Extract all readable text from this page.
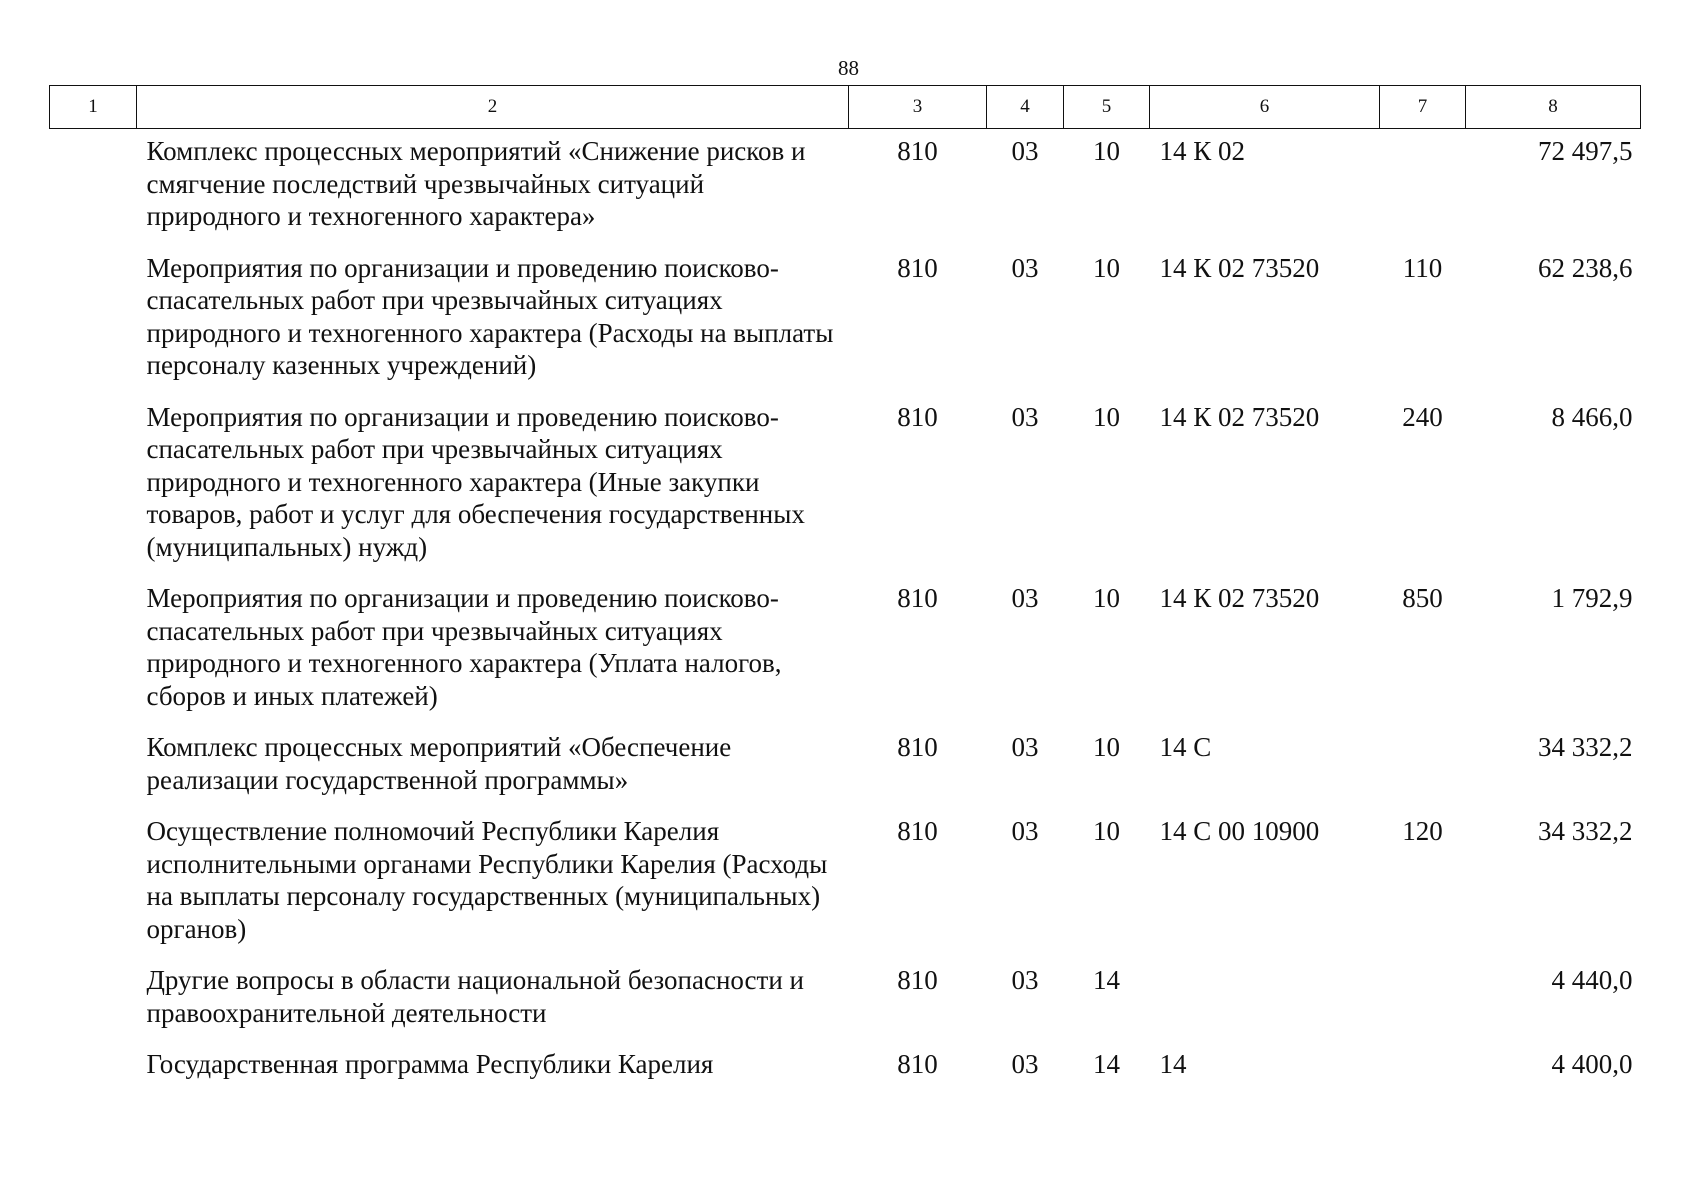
88
1	2	3	4	5	6	7	8
	Комплекс процессных мероприятий «Снижение рисков и смягчение последствий чрезвычайных ситуаций природного и техногенного характера»	810	03	10	14 К 02		72 497,5
	Мероприятия по организации и проведению поисково-спасательных работ при чрезвычайных ситуациях природного и техногенного характера (Расходы на выплаты персоналу казенных учреждений)	810	03	10	14 К 02 73520	110	62 238,6
	Мероприятия по организации и проведению поисково-спасательных работ при чрезвычайных ситуациях природного и техногенного характера (Иные закупки товаров, работ и услуг для обеспечения государственных (муниципальных) нужд)	810	03	10	14 К 02 73520	240	8 466,0
	Мероприятия по организации и проведению поисково-спасательных работ при чрезвычайных ситуациях природного и техногенного характера (Уплата налогов, сборов и иных платежей)	810	03	10	14 К 02 73520	850	1 792,9
	Комплекс процессных мероприятий «Обеспечение реализации государственной программы»	810	03	10	14 С		34 332,2
	Осуществление полномочий Республики Карелия исполнительными органами Республики Карелия (Расходы на выплаты персоналу государственных (муниципальных) органов)	810	03	10	14 С 00 10900	120	34 332,2
	Другие вопросы в области национальной безопасности и правоохранительной деятельности	810	03	14			4 440,0
	Государственная программа Республики Карелия	810	03	14	14		4 400,0
